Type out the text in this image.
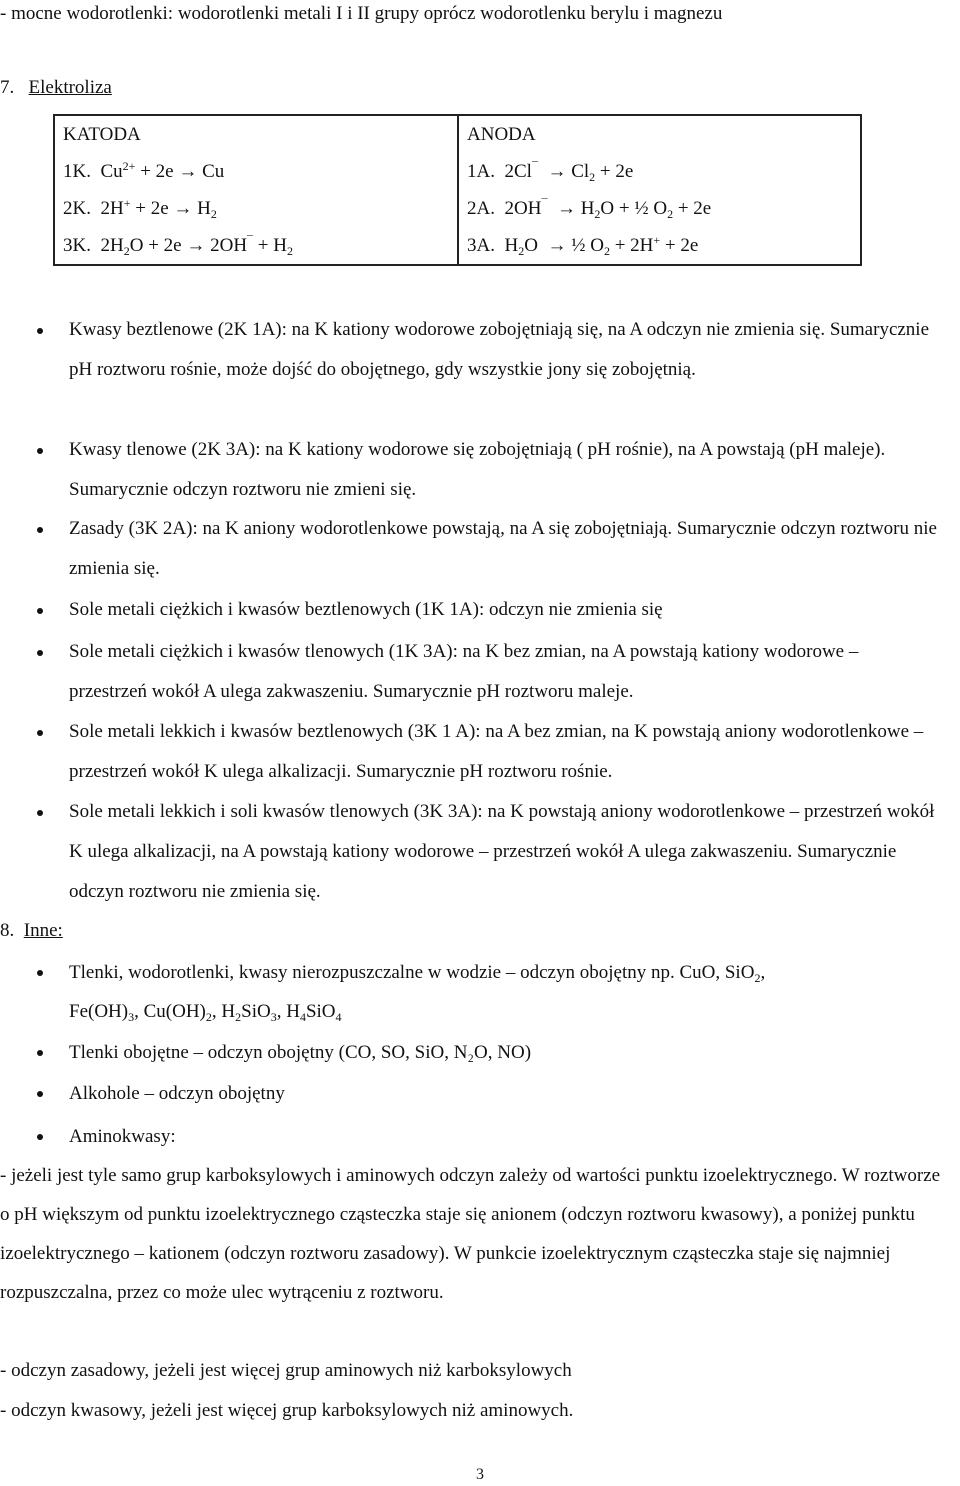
- mocne wodorotlenki: wodorotlenki metali I i II grupy oprócz wodorotlenku berylu i magnezu
7. Elektroliza
KATODA	ANODA
1K. $Cu^{2+} + 2e \to Cu$	1A. $2Cl^¯ \to Cl_2 + 2e$
2K. $2H^+ + 2e \to H_2$	2A. $2OH^¯ \to H_2O$ + ½ $O_2 + 2e$
3K. $2H_2O + 2e \to 2OH^¯ + H_2$	3A. $H_2O$  → ½ $O_2 + 2H^+ + 2e$
Kwasy beztlenowe (2K 1A): na K kationy wodorowe zobojętniają się, na A odczyn nie zmienia się. Sumarycznie pH roztworu rośnie, może dojść do obojętnego, gdy wszystkie jony się zobojętnią.
Kwasy tlenowe (2K 3A): na K kationy wodorowe się zobojętniają ( pH rośnie), na A powstają (pH maleje). Sumarycznie odczyn roztworu nie zmieni się.
Zasady (3K 2A): na K aniony wodorotlenkowe powstają, na A się zobojętniają. Sumarycznie odczyn roztworu nie zmienia się.
Sole metali ciężkich i kwasów beztlenowych (1K 1A): odczyn nie zmienia się
Sole metali ciężkich i kwasów tlenowych (1K 3A): na K bez zmian, na A powstają kationy wodorowe – przestrzeń wokół A ulega zakwaszeniu. Sumarycznie pH roztworu maleje.
Sole metali lekkich i kwasów beztlenowych (3K 1 A): na A bez zmian, na K powstają aniony wodorotlenkowe – przestrzeń wokół K ulega alkalizacji. Sumarycznie pH roztworu rośnie.
Sole metali lekkich i soli kwasów tlenowych (3K 3A): na K powstają aniony wodorotlenkowe – przestrzeń wokół K ulega alkalizacji, na A powstają kationy wodorowe – przestrzeń wokół A ulega zakwaszeniu. Sumarycznie odczyn roztworu nie zmienia się.
8. Inne:
Tlenki, wodorotlenki, kwasy nierozpuszczalne w wodzie – odczyn obojętny np. CuO, SiO$_2$,
$Fe(OH)_3$, $Cu(OH)_2$, $H_2SiO_3$, $H_4SiO_4$
Tlenki obojętne – odczyn obojętny (CO, SO, SiO, N₂O, NO)
Alkohole – odczyn obojętny
Aminokwasy:
- jeżeli jest tyle samo grup karboksylowych i aminowych odczyn zależy od wartości punktu izoelektrycznego. W roztworze o pH większym od punktu izoelektrycznego cząsteczka staje się anionem (odczyn roztworu kwasowy), a poniżej punktu izoelektrycznego – kationem (odczyn roztworu zasadowy). W punkcie izoelektrycznym cząsteczka staje się najmniej rozpuszczalna, przez co może ulec wytrąceniu z roztworu.
- odczyn zasadowy, jeżeli jest więcej grup aminowych niż karboksylowych
- odczyn kwasowy, jeżeli jest więcej grup karboksylowych niż aminowych.
3
